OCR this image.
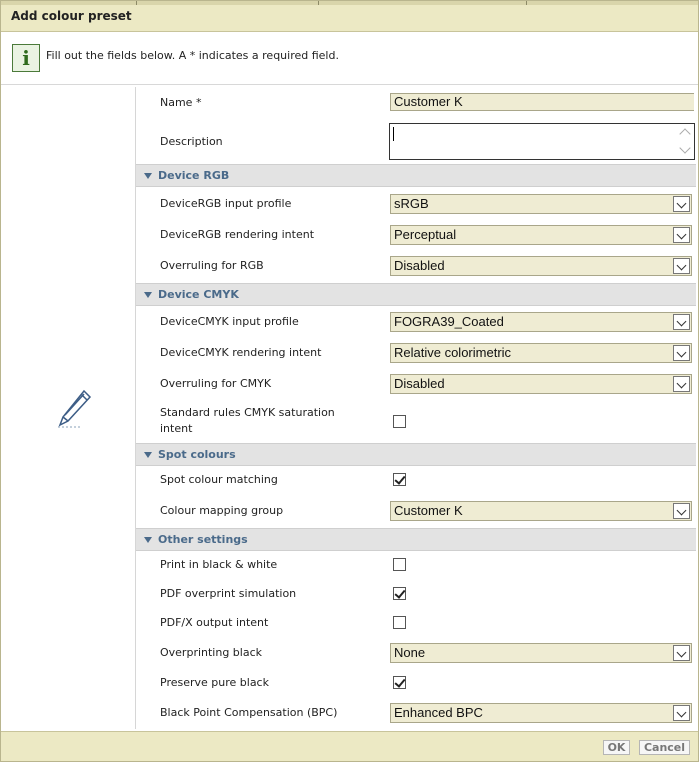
Add colour preset
i	Fill out the fields below. A * indicates a required field.
Name *	Customer K
Description
Device RGB
DeviceRGB input profile	sRGB
DeviceRGB rendering intent	Perceptual
Overruling for RGB	Disabled
Device CMYK
DeviceCMYK input profile	FOGRA39_Coated
DeviceCMYK rendering intent	Relative colorimetric
Overruling for CMYK	Disabled
Standard rules CMYK saturation
intent
Spot colours
Spot colour matching
Colour mapping group	Customer K
Other settings
Print in black & white
PDF overprint simulation
PDF/X output intent
Overprinting black	None
Preserve pure black
Black Point Compensation (BPC)	Enhanced BPC
OK	Cancel
